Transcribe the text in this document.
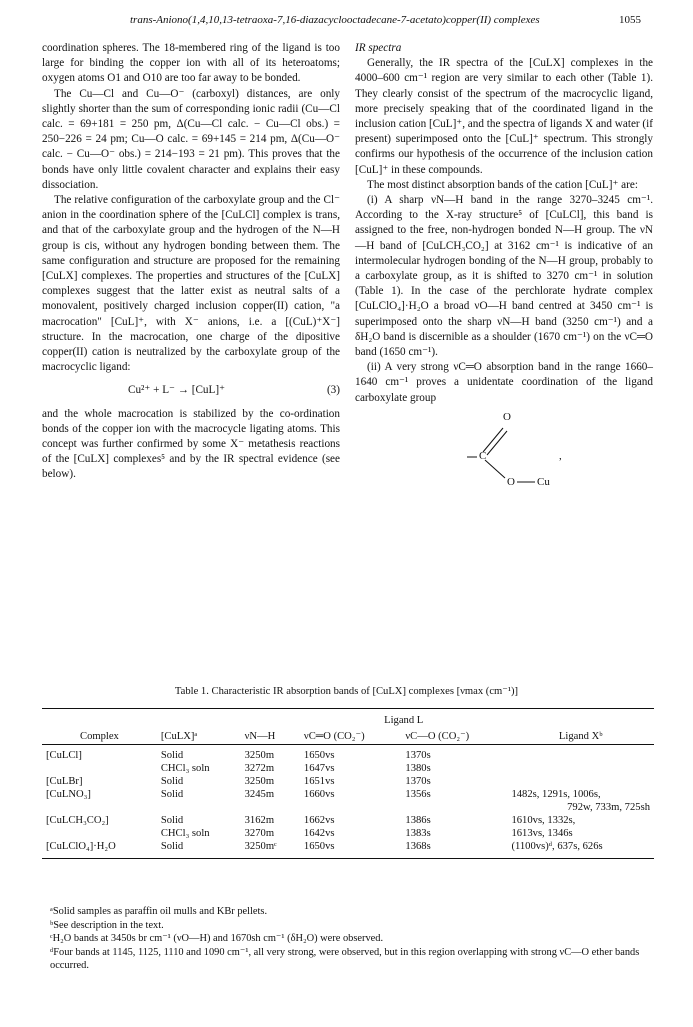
trans-Aniono(1,4,10,13-tetraoxa-7,16-diazacyclooctadecane-7-acetato)copper(II) complexes	1055

coordination spheres. The 18-membered ring of the ligand is too large for binding the copper ion with all of its heteroatoms; oxygen atoms O1 and O10 are too far away to be bonded.

The Cu—Cl and Cu—O⁻ (carboxyl) distances, are only slightly shorter than the sum of corresponding ionic radii (Cu—Cl calc. = 69+181 = 250 pm, Δ(Cu—Cl calc. − Cu—Cl obs.) = 250−226 = 24 pm; Cu—O calc. = 69+145 = 214 pm, Δ(Cu—O⁻ calc. − Cu—O⁻ obs.) = 214−193 = 21 pm). This proves that the bonds have only little covalent character and explains their easy dissociation.

The relative configuration of the carboxylate group and the Cl⁻ anion in the coordination sphere of the [CuLCl] complex is trans, and that of the carboxylate group and the hydrogen of the N—H group is cis, without any hydrogen bonding between them. The same configuration and structure are proposed for the remaining [CuLX] complexes. The properties and structures of the [CuLX] complexes suggest that the latter exist as neutral salts of a monovalent, positively charged inclusion copper(II) cation, "a macrocation" [CuL]⁺, with X⁻ anions, i.e. a [(CuL)⁺X⁻] structure. In the macrocation, one charge of the dipositive copper(II) cation is neutralized by the carboxylate group of the macrocyclic ligand:

Cu²⁺ + L⁻ → [CuL]⁺	(3)

and the whole macrocation is stabilized by the co-ordination bonds of the copper ion with the macrocycle ligating atoms. This concept was further confirmed by some X⁻ metathesis reactions of the [CuLX] complexes⁵ and by the IR spectral evidence (see below).

IR spectra

Generally, the IR spectra of the [CuLX] complexes in the 4000–600 cm⁻¹ region are very similar to each other (Table 1). They clearly consist of the spectrum of the macrocyclic ligand, more precisely speaking that of the coordinated ligand in the inclusion cation [CuL]⁺, and the spectra of ligands X and water (if present) superimposed onto the [CuL]⁺ spectrum. This strongly confirms our hypothesis of the occurrence of the inclusion cation [CuL]⁺ in these compounds.

The most distinct absorption bands of the cation [CuL]⁺ are:

(i) A sharp νN—H band in the range 3270–3245 cm⁻¹. According to the X-ray structure⁵ of [CuLCl], this band is assigned to the free, non-hydrogen bonded N—H group. The νN—H band of [CuLCH₃CO₂] at 3162 cm⁻¹ is indicative of an intermolecular hydrogen bonding of the N—H group, probably to a carboxylate group, as it is shifted to 3270 cm⁻¹ in solution (Table 1). In the case of the perchlorate hydrate complex [CuLClO₄]·H₂O a broad νO—H band centred at 3450 cm⁻¹ is superimposed onto the sharp νN—H band (3250 cm⁻¹) and a δH₂O band is discernible as a shoulder (1670 cm⁻¹) on the νC═O band (1650 cm⁻¹).

(ii) A very strong νC═O absorption band in the range 1660–1640 cm⁻¹ proves a unidentate coordination of the ligand carboxylate group

O
C	,
O Cu
Table 1. Characteristic IR absorption bands of [CuLX] complexes [νmax (cm⁻¹)]
			Ligand L		
Complex	[CuLX]ᵃ	νN—H	νC═O (CO₂⁻)	νC—O (CO₂⁻)	Ligand Xᵇ

[CuLCl]	Solid	3250m	1650vs	1370s	
	CHCl₃ soln	3272m	1647vs	1380s	
[CuLBr]	Solid	3250m	1651vs	1370s	
[CuLNO₃]	Solid	3245m	1660vs	1356s	1482s, 1291s, 1006s,
					792w, 733m, 725sh
[CuLCH₃CO₂]	Solid	3162m	1662vs	1386s	1610vs, 1332s,
	CHCl₃ soln	3270m	1642vs	1383s	1613vs, 1346s
[CuLClO₄]·H₂O	Solid	3250mᶜ	1650vs	1368s	(1100vs)ᵈ, 637s, 626s

ᵃSolid samples as paraffin oil mulls and KBr pellets.

ᵇSee description in the text.

ᶜH₂O bands at 3450s br cm⁻¹ (νO—H) and 1670sh cm⁻¹ (δH₂O) were observed.

ᵈFour bands at 1145, 1125, 1110 and 1090 cm⁻¹, all very strong, were observed, but in this region overlapping with strong νC—O ether bands occurred.
